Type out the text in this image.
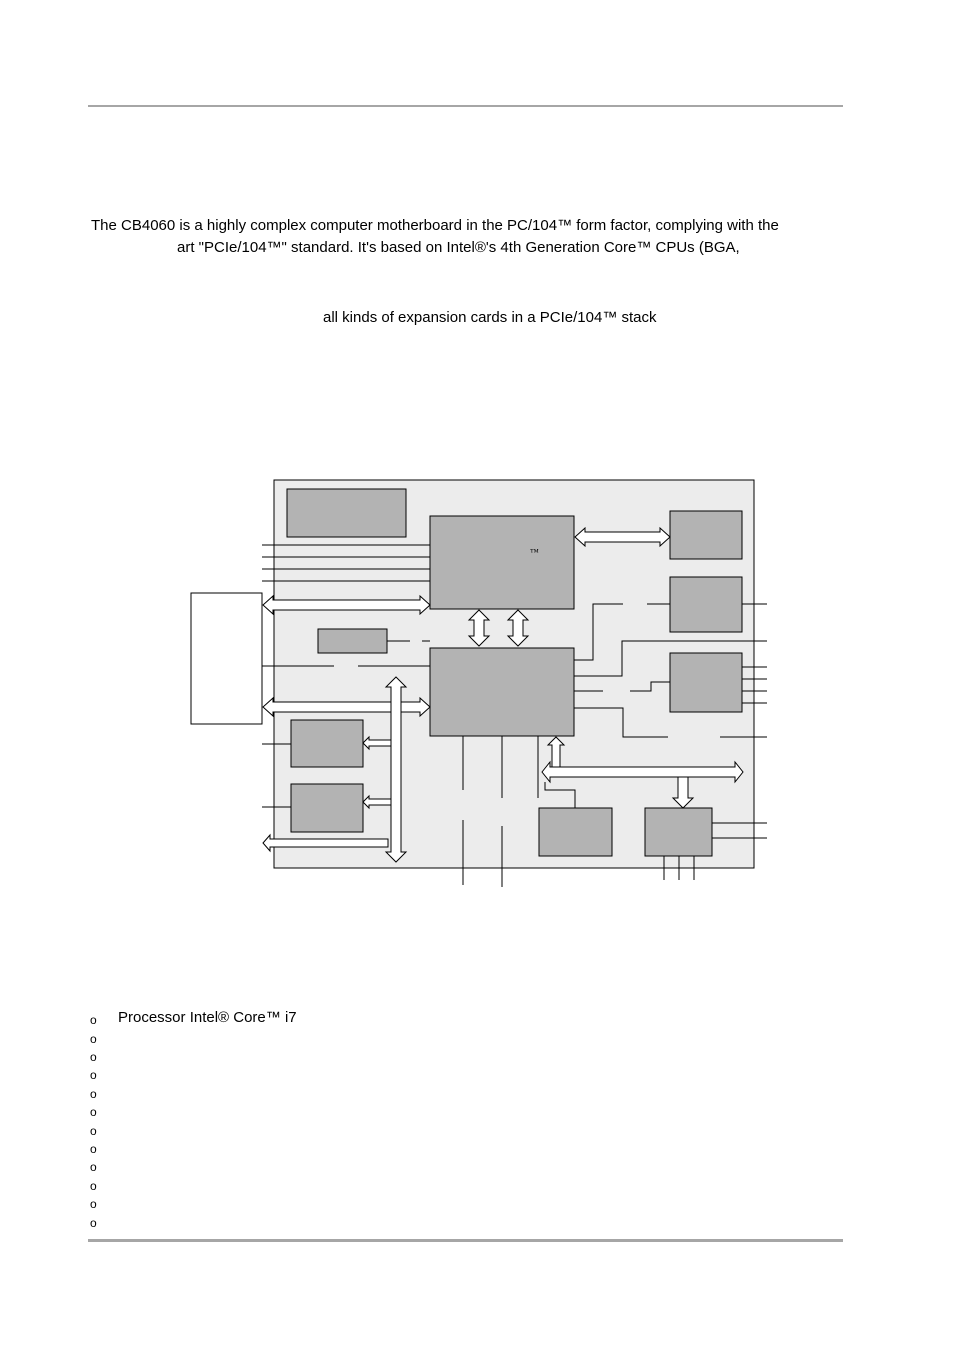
The CB4060 is a highly complex computer motherboard in the PC/104™ form factor, complying with the
art "PCIe/104™" standard. It's based on Intel®'s 4th Generation Core™ CPUs (BGA,
all kinds of expansion cards in a PCIe/104™ stack
™
o Processor Intel® Core™ i7
o
o
o
o
o
o
o
o
o
o
o
